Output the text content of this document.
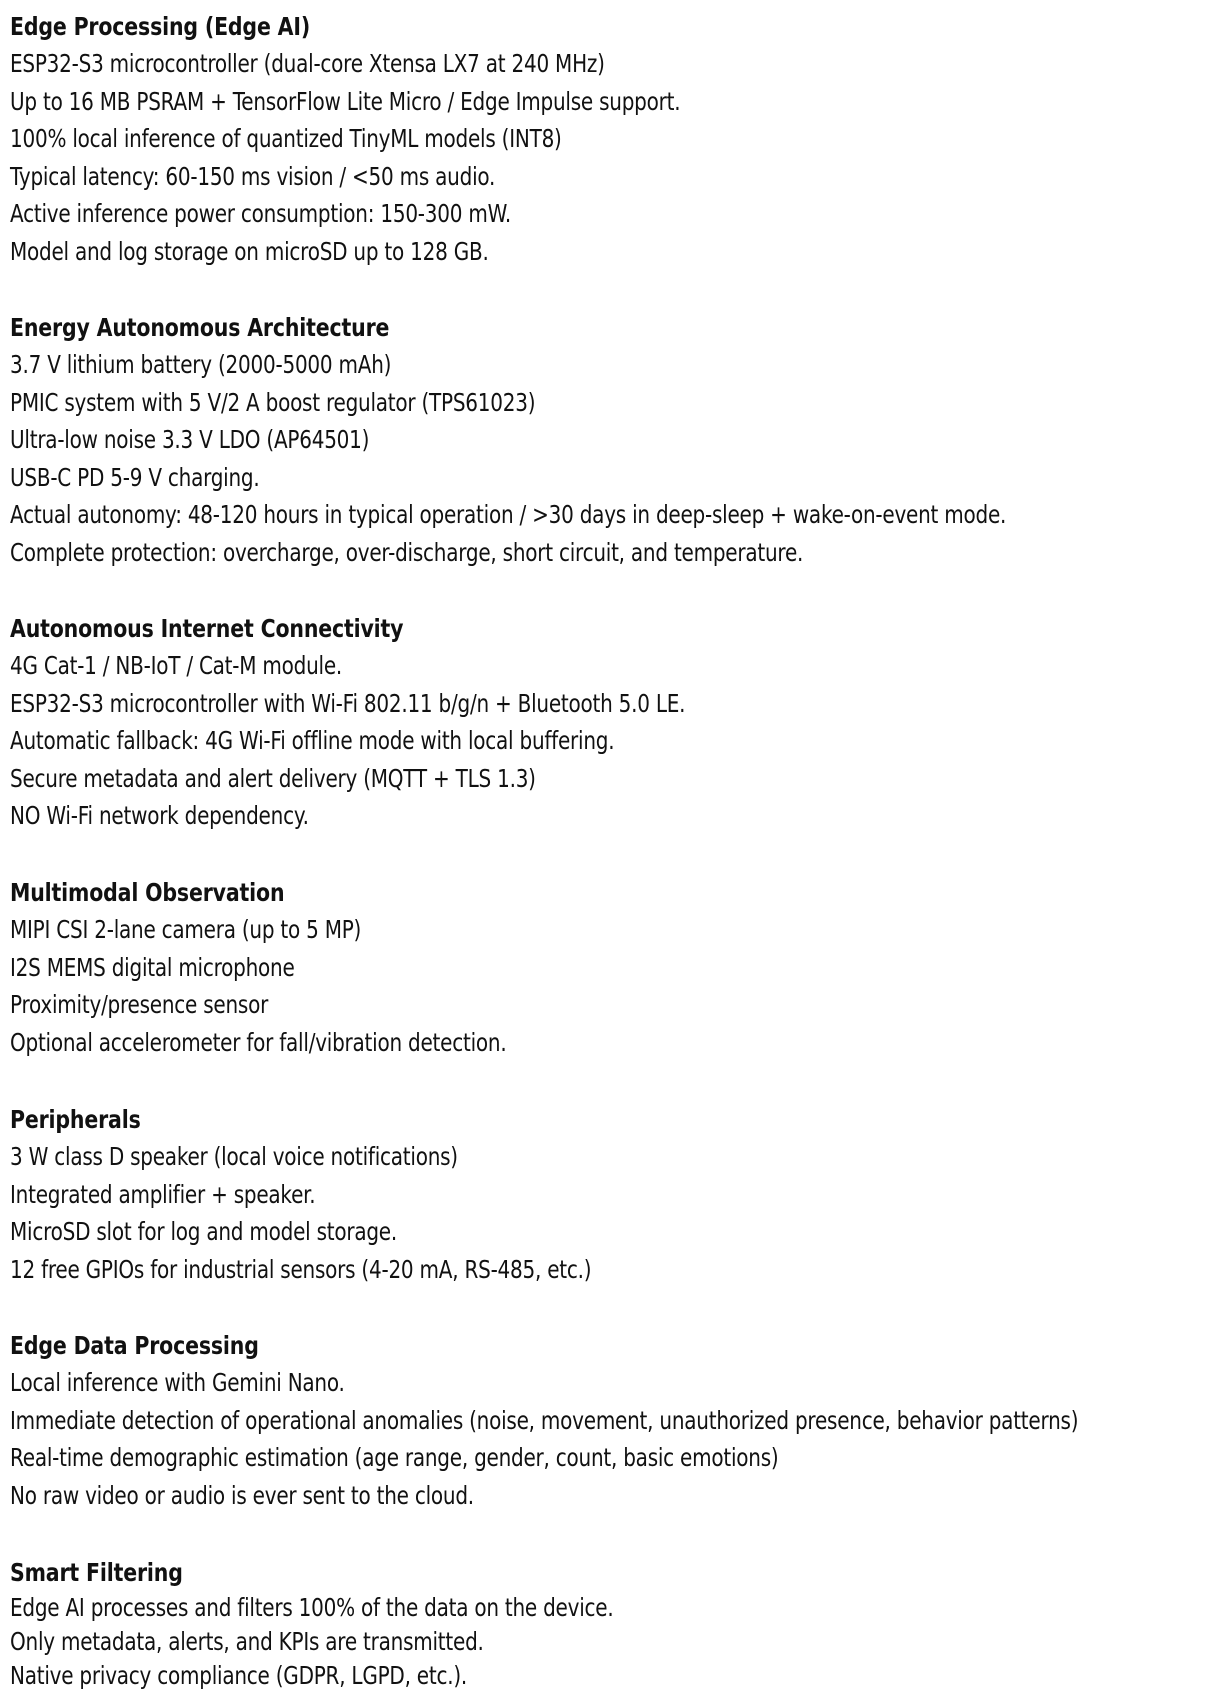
Edge Processing (Edge AI)
ESP32-S3 microcontroller (dual-core Xtensa LX7 at 240 MHz)
Up to 16 MB PSRAM + TensorFlow Lite Micro / Edge Impulse support.
100% local inference of quantized TinyML models (INT8)
Typical latency: 60-150 ms vision / <50 ms audio.
Active inference power consumption: 150-300 mW.
Model and log storage on microSD up to 128 GB.
Energy Autonomous Architecture
3.7 V lithium battery (2000-5000 mAh)
PMIC system with 5 V/2 A boost regulator (TPS61023)
Ultra-low noise 3.3 V LDO (AP64501)
USB-C PD 5-9 V charging.
Actual autonomy: 48-120 hours in typical operation / >30 days in deep-sleep + wake-on-event mode.
Complete protection: overcharge, over-discharge, short circuit, and temperature.
Autonomous Internet Connectivity
4G Cat-1 / NB-IoT / Cat-M module.
ESP32-S3 microcontroller with Wi-Fi 802.11 b/g/n + Bluetooth 5.0 LE.
Automatic fallback: 4G Wi-Fi offline mode with local buffering.
Secure metadata and alert delivery (MQTT + TLS 1.3)
NO Wi-Fi network dependency.
Multimodal Observation
MIPI CSI 2-lane camera (up to 5 MP)
I2S MEMS digital microphone
Proximity/presence sensor
Optional accelerometer for fall/vibration detection.
Peripherals
3 W class D speaker (local voice notifications)
Integrated amplifier + speaker.
MicroSD slot for log and model storage.
12 free GPIOs for industrial sensors (4-20 mA, RS-485, etc.)
Edge Data Processing
Local inference with Gemini Nano.
Immediate detection of operational anomalies (noise, movement, unauthorized presence, behavior patterns)
Real-time demographic estimation (age range, gender, count, basic emotions)
No raw video or audio is ever sent to the cloud.
Smart Filtering
Edge AI processes and filters 100% of the data on the device.
Only metadata, alerts, and KPIs are transmitted.
Native privacy compliance (GDPR, LGPD, etc.).
